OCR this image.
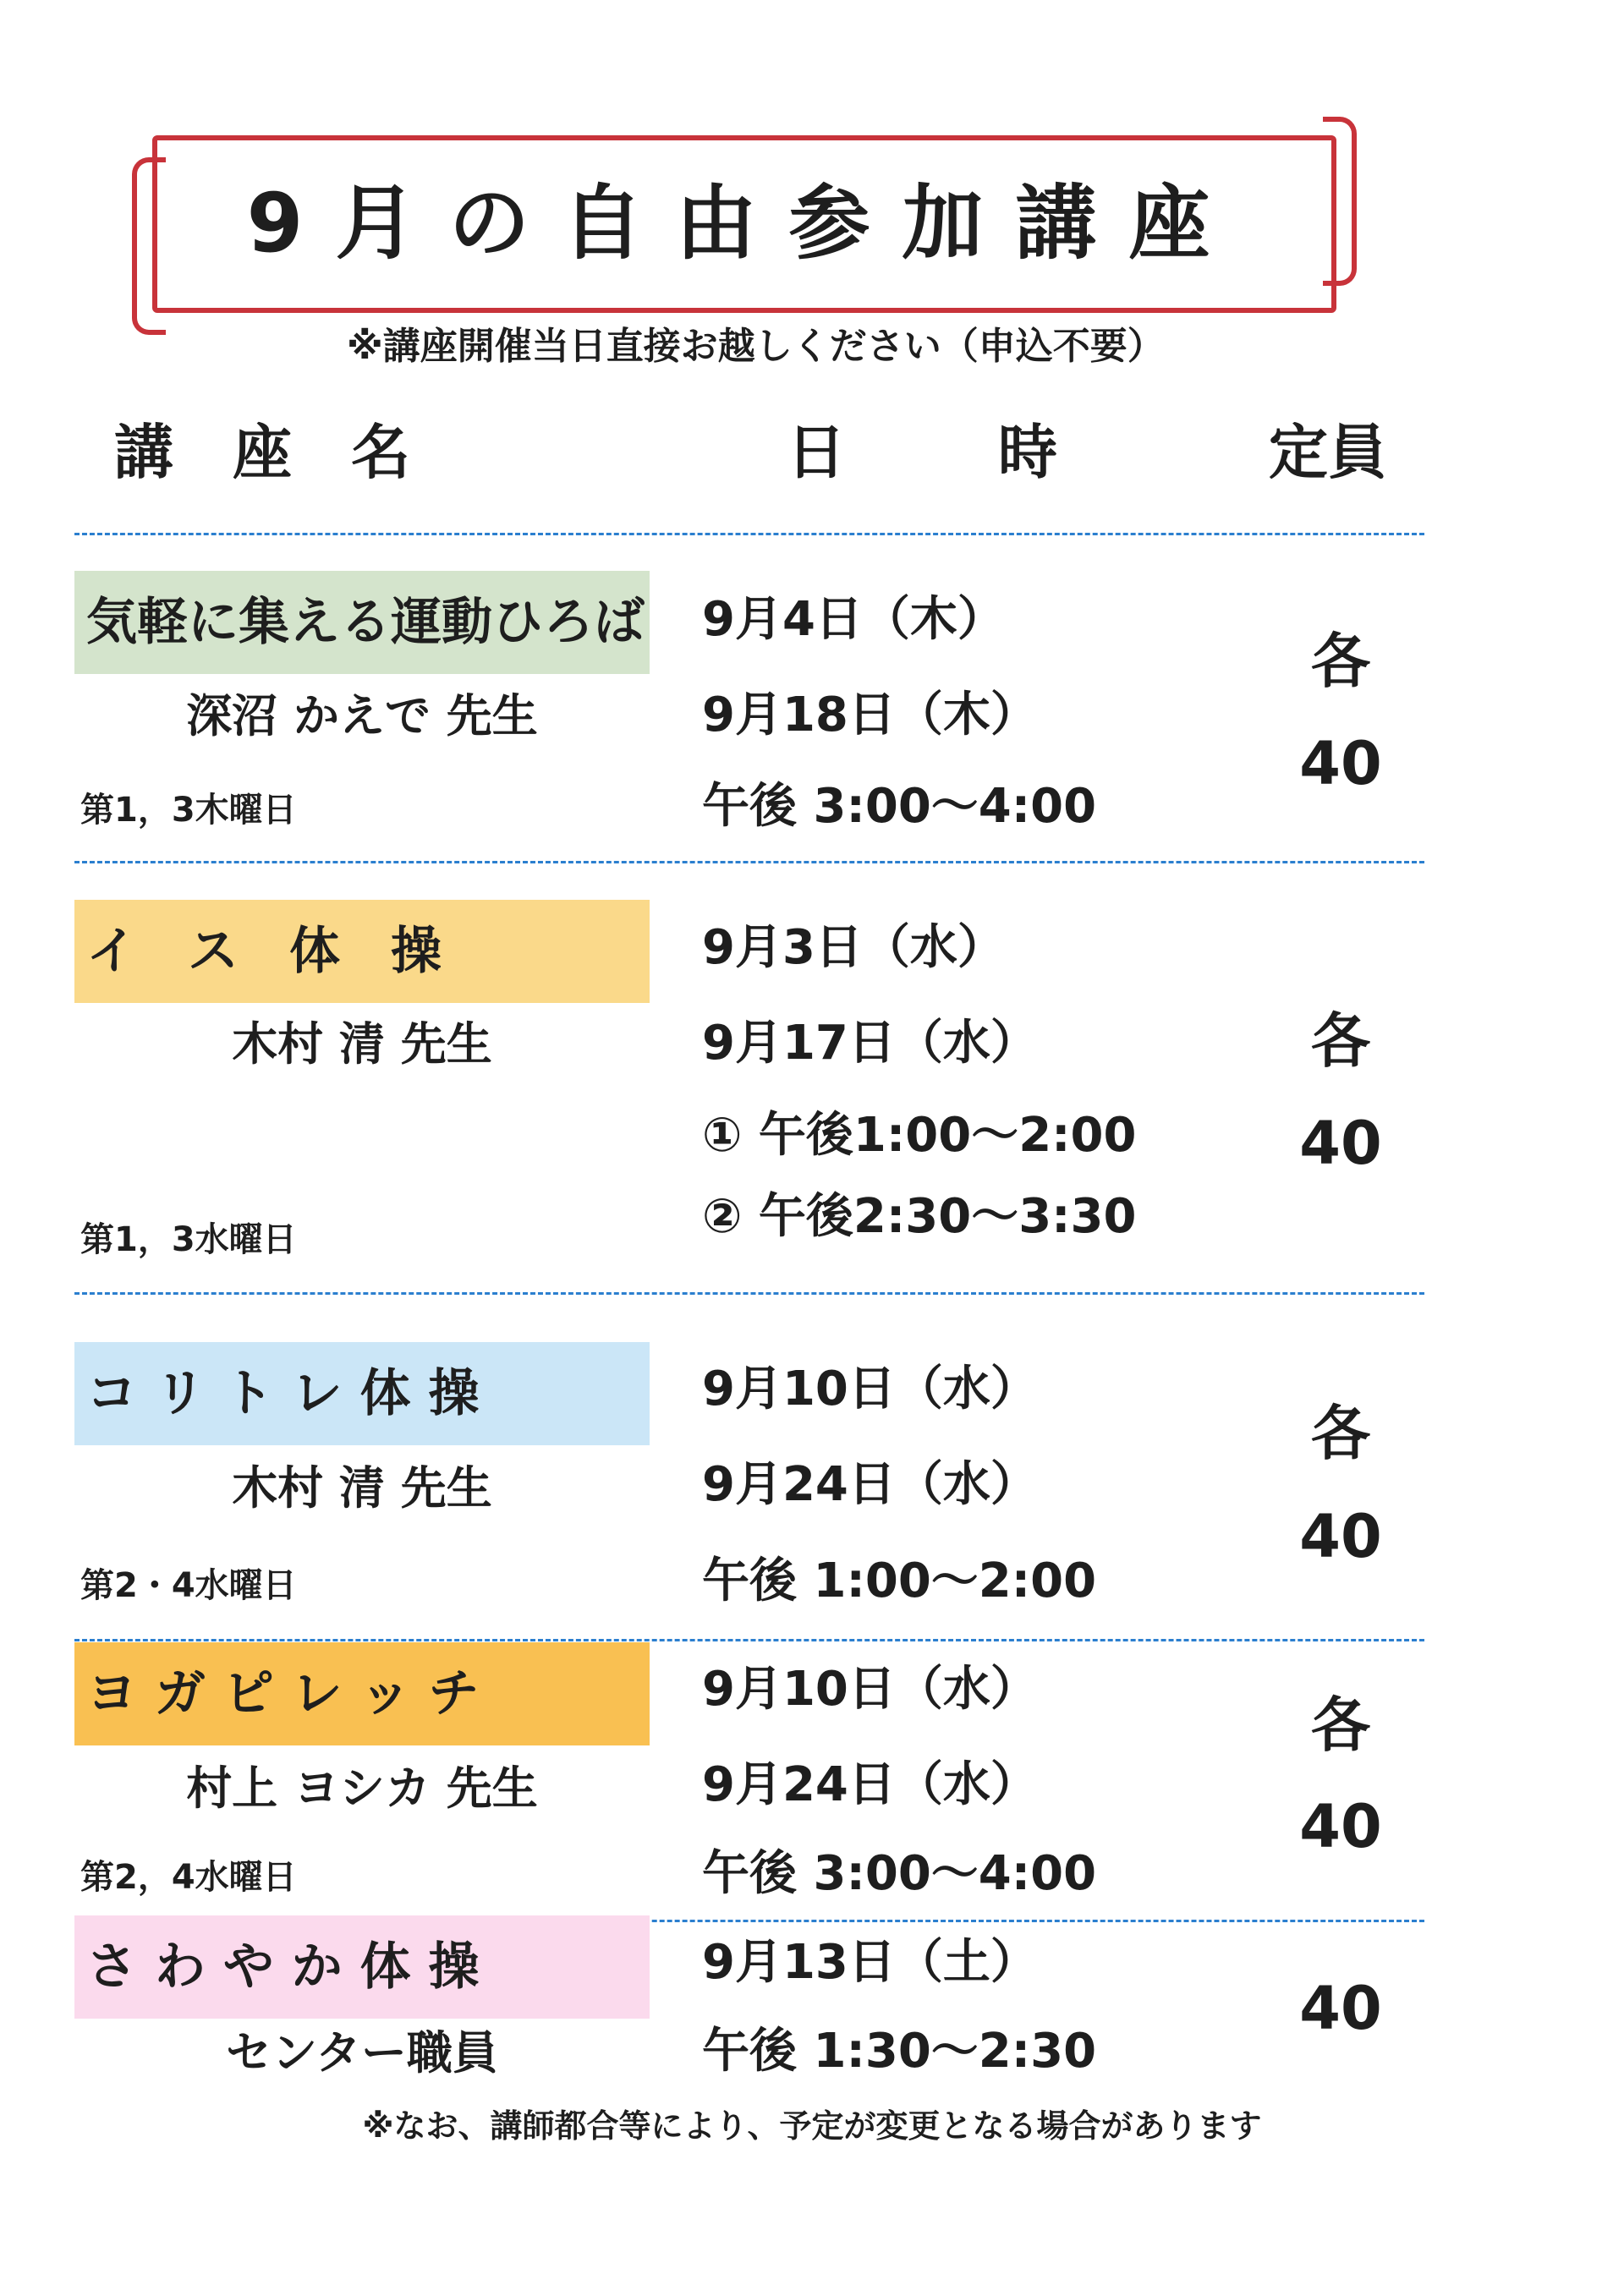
9月の自由参加講座
※講座開催当日直接お越しください（申込不要）
講座名	日時 定員
気軽に集える運動ひろば
深沼 かえで 先生
第1，3木曜日
9月4日（木）
9月18日（木）
午後 3:00〜4:00
各
40
イ　ス　体　操
木村 清 先生
第1，3水曜日
9月3日（水）
9月17日（水）
① 午後1:00〜2:00
② 午後2:30〜3:30
各
40
コ リ ト レ 体 操
木村 清 先生
第2・4水曜日
9月10日（水）
9月24日（水）
午後 1:00〜2:00
各
40
ヨ ガ ピ レ ッ チ
村上 ヨシカ 先生
第2，4水曜日
9月10日（水）
9月24日（水）
午後 3:00〜4:00
各
40
さ わ や か 体 操
センター職員
9月13日（土）
午後 1:30〜2:30
40
※なお、講師都合等により、予定が変更となる場合があります
